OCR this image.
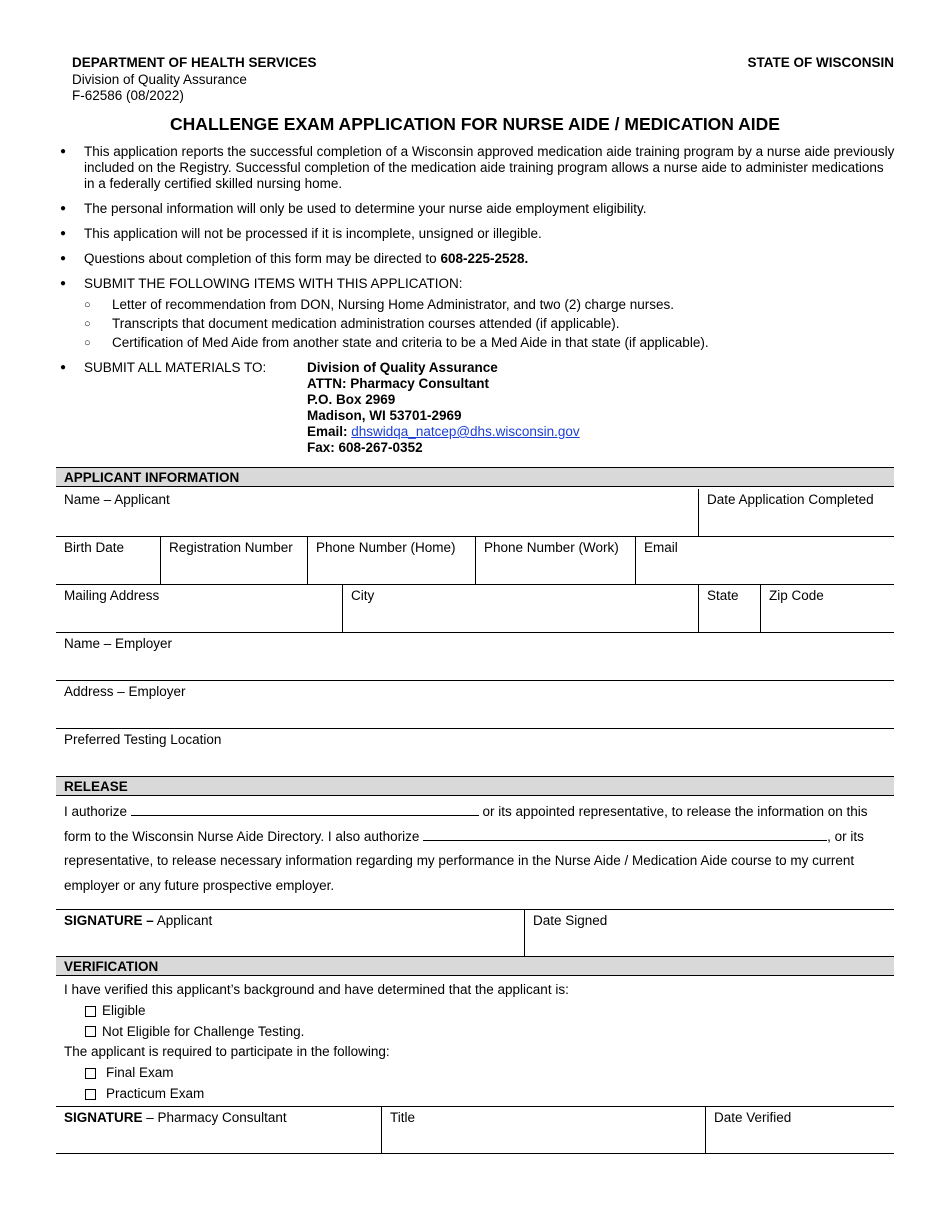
DEPARTMENT OF HEALTH SERVICES
Division of Quality Assurance
F-62586 (08/2022)
STATE OF WISCONSIN
CHALLENGE EXAM APPLICATION FOR NURSE AIDE / MEDICATION AIDE
● This application reports the successful completion of a Wisconsin approved medication aide training program by a nurse aide previously included on the Registry. Successful completion of the medication aide training program allows a nurse aide to administer medications in a federally certified skilled nursing home.
● The personal information will only be used to determine your nurse aide employment eligibility.
● This application will not be processed if it is incomplete, unsigned or illegible.
● Questions about completion of this form may be directed to 608-225-2528.
● SUBMIT THE FOLLOWING ITEMS WITH THIS APPLICATION:
○ Letter of recommendation from DON, Nursing Home Administrator, and two (2) charge nurses.
○ Transcripts that document medication administration courses attended (if applicable).
○ Certification of Med Aide from another state and criteria to be a Med Aide in that state (if applicable).
● SUBMIT ALL MATERIALS TO:	Division of Quality Assurance
ATTN: Pharmacy Consultant
P.O. Box 2969
Madison, WI 53701-2969
Email: dhswidqa_natcep@dhs.wisconsin.gov
Fax: 608-267-0352
APPLICANT INFORMATION
Name – Applicant	Date Application Completed
Birth Date	Registration Number	Phone Number (Home)	Phone Number (Work)	Email
Mailing Address	City	State	Zip Code
Name – Employer
Address – Employer
Preferred Testing Location
RELEASE
I authorize	or its appointed representative, to release the information on this
form to the Wisconsin Nurse Aide Directory. I also authorize	, or its
representative, to release necessary information regarding my performance in the Nurse Aide / Medication Aide course to my current
employer or any future prospective employer.
SIGNATURE – Applicant	Date Signed
VERIFICATION
I have verified this applicant’s background and have determined that the applicant is:
Eligible
Not Eligible for Challenge Testing.
The applicant is required to participate in the following:
Final Exam
Practicum Exam
SIGNATURE – Pharmacy Consultant	Title	Date Verified
